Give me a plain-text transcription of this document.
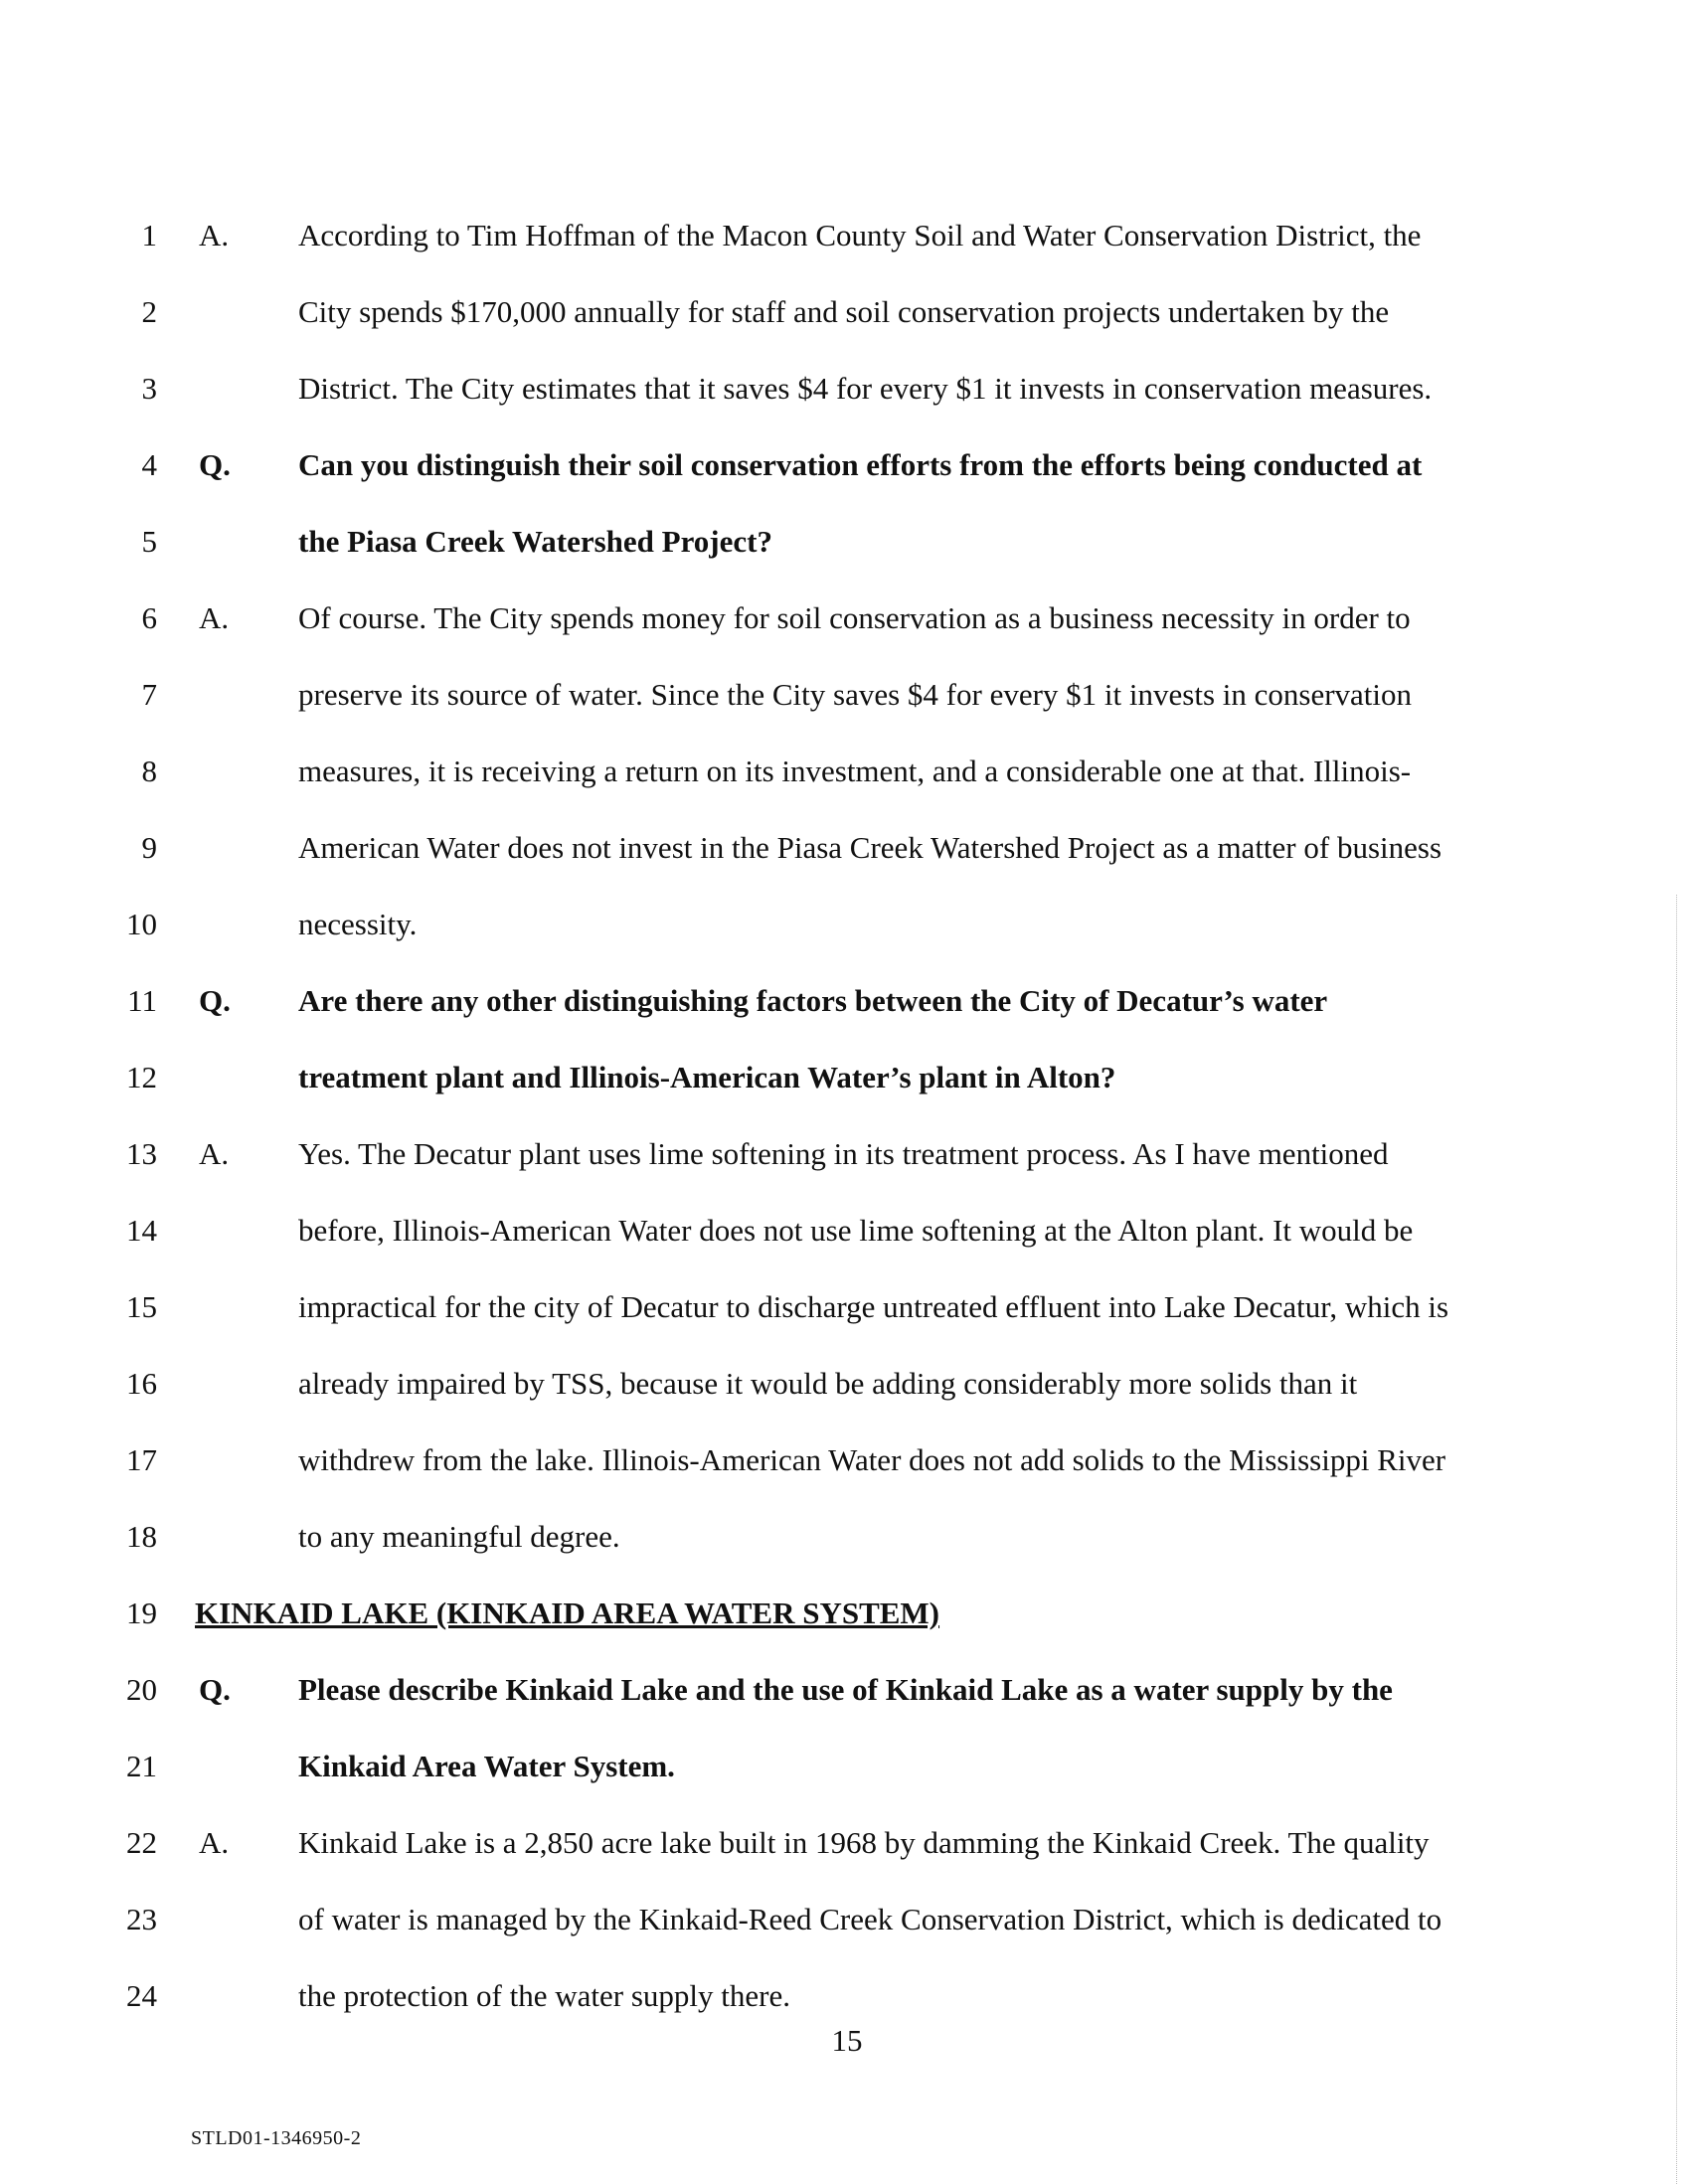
1 A. According to Tim Hoffman of the Macon County Soil and Water Conservation District, the
2	City spends $170,000 annually for staff and soil conservation projects undertaken by the
3	District. The City estimates that it saves $4 for every $1 it invests in conservation measures.
4 Q. Can you distinguish their soil conservation efforts from the efforts being conducted at
5	the Piasa Creek Watershed Project?
6 A. Of course. The City spends money for soil conservation as a business necessity in order to
7	preserve its source of water. Since the City saves $4 for every $1 it invests in conservation
8	measures, it is receiving a return on its investment, and a considerable one at that. Illinois-
9	American Water does not invest in the Piasa Creek Watershed Project as a matter of business
10	necessity.
11 Q. Are there any other distinguishing factors between the City of Decatur’s water
12	treatment plant and Illinois-American Water’s plant in Alton?
13 A. Yes. The Decatur plant uses lime softening in its treatment process. As I have mentioned
14	before, Illinois-American Water does not use lime softening at the Alton plant. It would be
15	impractical for the city of Decatur to discharge untreated effluent into Lake Decatur, which is
16	already impaired by TSS, because it would be adding considerably more solids than it
17	withdrew from the lake. Illinois-American Water does not add solids to the Mississippi River
18	to any meaningful degree.
19 KINKAID LAKE (KINKAID AREA WATER SYSTEM)
20 Q. Please describe Kinkaid Lake and the use of Kinkaid Lake as a water supply by the
21	Kinkaid Area Water System.
22 A. Kinkaid Lake is a 2,850 acre lake built in 1968 by damming the Kinkaid Creek. The quality
23	of water is managed by the Kinkaid-Reed Creek Conservation District, which is dedicated to
24	the protection of the water supply there.
15
STLD01-1346950-2
